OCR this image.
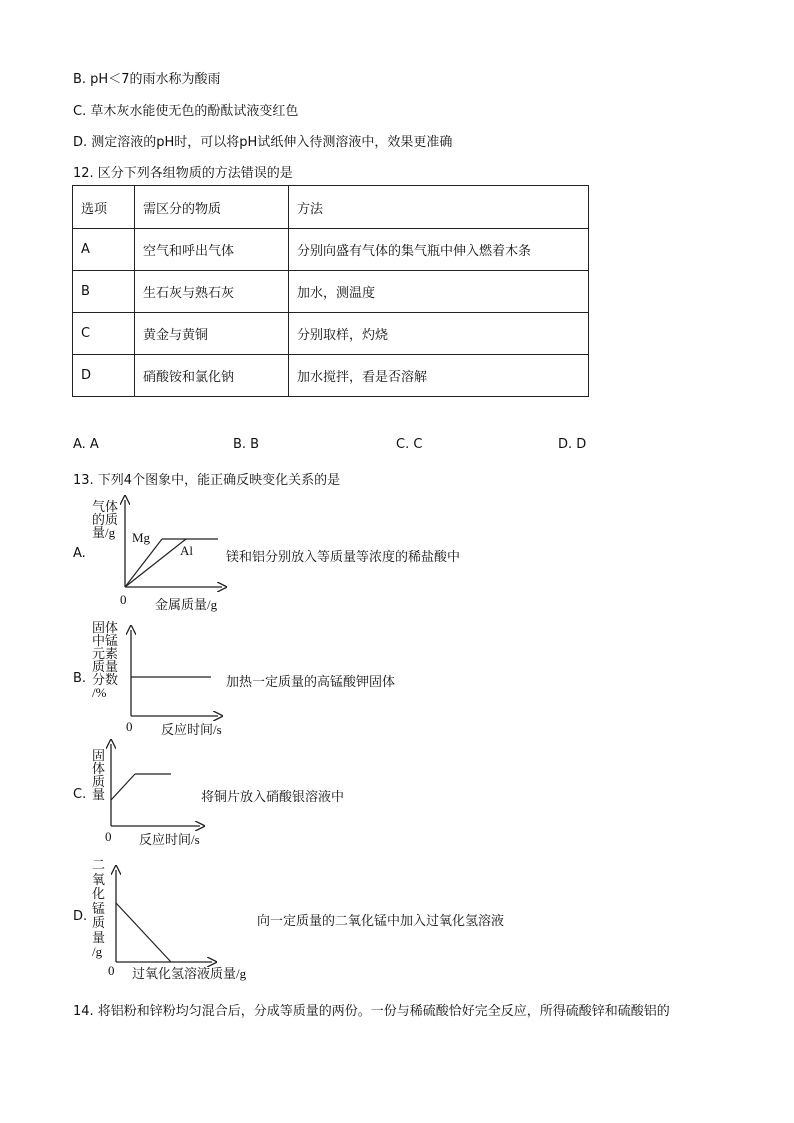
B. pH＜7的雨水称为酸雨
C. 草木灰水能使无色的酚酞试液变红色
D. 测定溶液的pH时，可以将pH试纸伸入待测溶液中，效果更准确
12. 区分下列各组物质的方法错误的是
选项	需区分的物质	方法
A	空气和呼出气体	分别向盛有气体的集气瓶中伸入燃着木条
B	生石灰与熟石灰	加水，测温度
C	黄金与黄铜	分别取样，灼烧
D	硝酸铵和氯化钠	加水搅拌，看是否溶解
A. A	B. B	C. C	D. D
13. 下列4个图象中，能正确反映变化关系的是
A.
气体
的质
量/g Mg
Al
0 金属质量/g
镁和铝分别放入等质量等浓度的稀盐酸中
B.
固体
中锰
元素
质量
分数
/%
0 反应时间/s
加热一定质量的高锰酸钾固体
C.
固
体
质
量
0 反应时间/s
将铜片放入硝酸银溶液中
D.
二
氧
化
锰
质
量
/g
0 过氧化氢溶液质量/g
向一定质量的二氧化锰中加入过氧化氢溶液
14. 将铝粉和锌粉均匀混合后，分成等质量的两份。一份与稀硫酸恰好完全反应，所得硫酸锌和硫酸铝的
